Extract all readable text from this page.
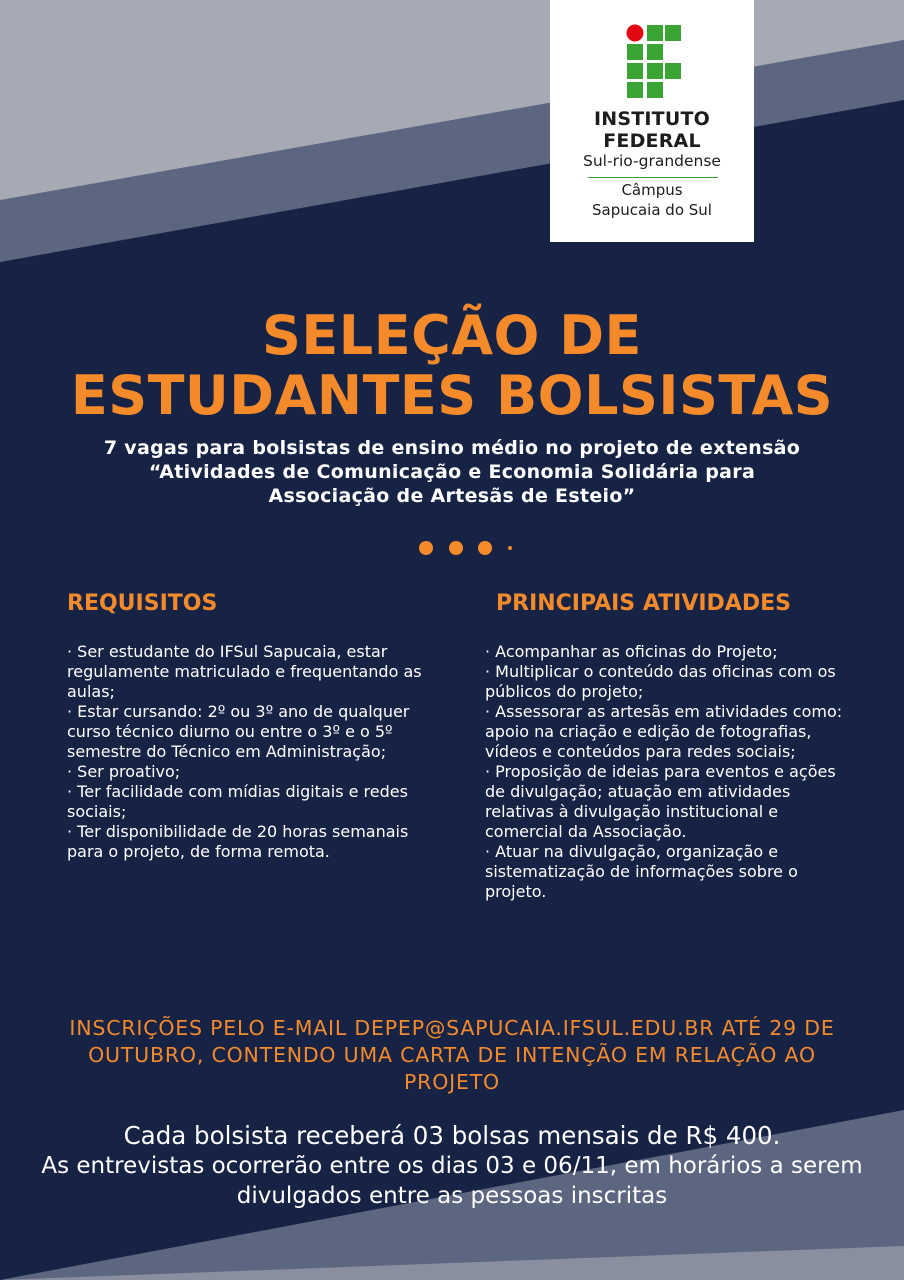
INSTITUTO
FEDERAL
Sul-rio-grandense
Câmpus
Sapucaia do Sul
SELEÇÃO DE
ESTUDANTES BOLSISTAS
7 vagas para bolsistas de ensino médio no projeto de extensão “Atividades de Comunicação e Economia Solidária para Associação de Artesãs de Esteio”
REQUISITOS	PRINCIPAIS ATIVIDADES
· Ser estudante do IFSul Sapucaia, estar regulamente matriculado e frequentando as aulas;
· Estar cursando: 2º ou 3º ano de qualquer curso técnico diurno ou entre o 3º e o 5º semestre do Técnico em Administração;
· Ser proativo;
· Ter facilidade com mídias digitais e redes sociais;
· Ter disponibilidade de 20 horas semanais para o projeto, de forma remota.
· Acompanhar as oficinas do Projeto;
· Multiplicar o conteúdo das oficinas com os públicos do projeto;
· Assessorar as artesãs em atividades como: apoio na criação e edição de fotografias, vídeos e conteúdos para redes sociais;
· Proposição de ideias para eventos e ações de divulgação; atuação em atividades relativas à divulgação institucional e comercial da Associação.
· Atuar na divulgação, organização e sistematização de informações sobre o projeto.
INSCRIÇÕES PELO E-MAIL DEPEP@SAPUCAIA.IFSUL.EDU.BR ATÉ 29 DE OUTUBRO, CONTENDO UMA CARTA DE INTENÇÃO EM RELAÇÃO AO PROJETO
Cada bolsista receberá 03 bolsas mensais de R$ 400.
As entrevistas ocorrerão entre os dias 03 e 06/11, em horários a serem divulgados entre as pessoas inscritas
